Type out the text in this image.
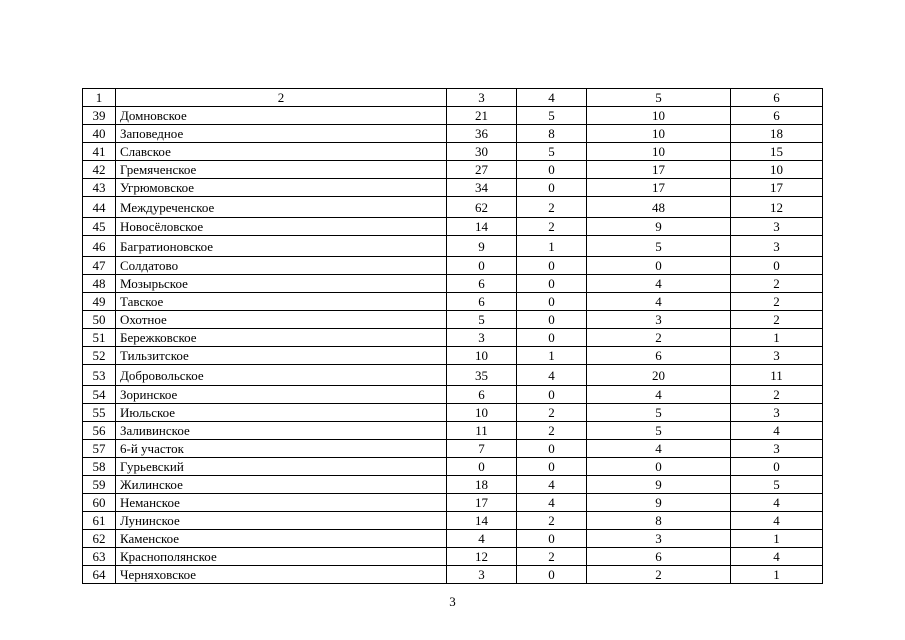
1	2	3	4	5	6
39	Домновское	21	5	10	6
40	Заповедное	36	8	10	18
41	Славское	30	5	10	15
42	Гремяченское	27	0	17	10
43	Угрюмовское	34	0	17	17
44	Междуреченское	62	2	48	12
45	Новосёловское	14	2	9	3
46	Багратионовское	9	1	5	3
47	Солдатово	0	0	0	0
48	Мозырьское	6	0	4	2
49	Тавское	6	0	4	2
50	Охотное	5	0	3	2
51	Бережковское	3	0	2	1
52	Тильзитское	10	1	6	3
53	Добровольское	35	4	20	11
54	Зоринское	6	0	4	2
55	Июльское	10	2	5	3
56	Заливинское	11	2	5	4
57	6-й участок	7	0	4	3
58	Гурьевский	0	0	0	0
59	Жилинское	18	4	9	5
60	Неманское	17	4	9	4
61	Лунинское	14	2	8	4
62	Каменское	4	0	3	1
63	Краснополянское	12	2	6	4
64	Черняховское	3	0	2	1
3
